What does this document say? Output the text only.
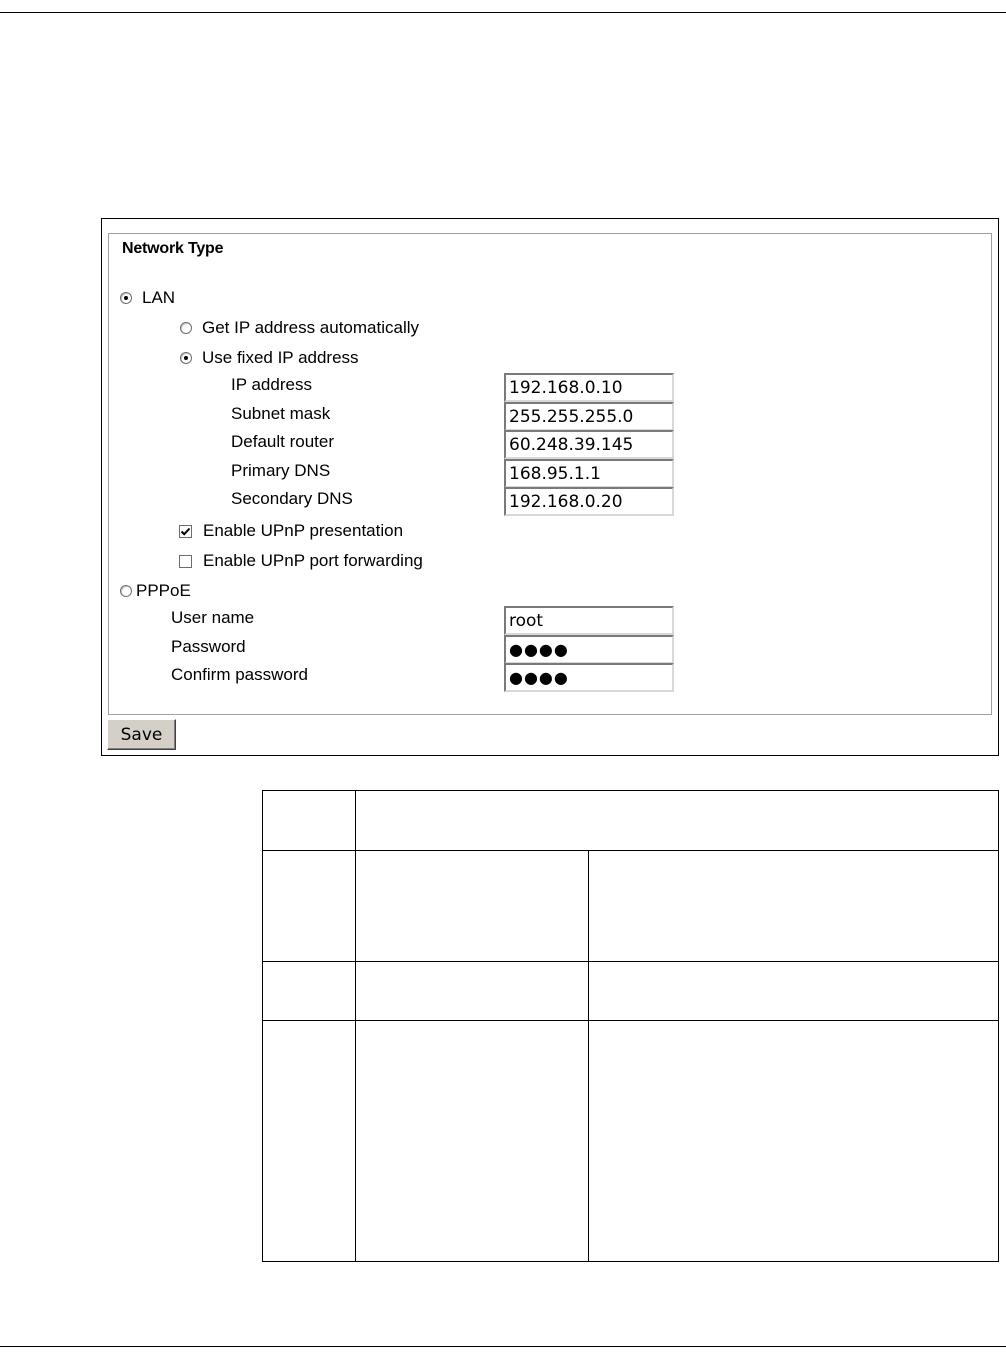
Network Type
LAN
Get IP address automatically
Use fixed IP address
IP address	192.168.0.10
Subnet mask	255.255.255.0
Default router	60.248.39.145
Primary DNS	168.95.1.1
Secondary DNS	192.168.0.20
Enable UPnP presentation
Enable UPnP port forwarding
PPPoE
User name	root
Password	●●●●
Confirm password	●●●●
Save
